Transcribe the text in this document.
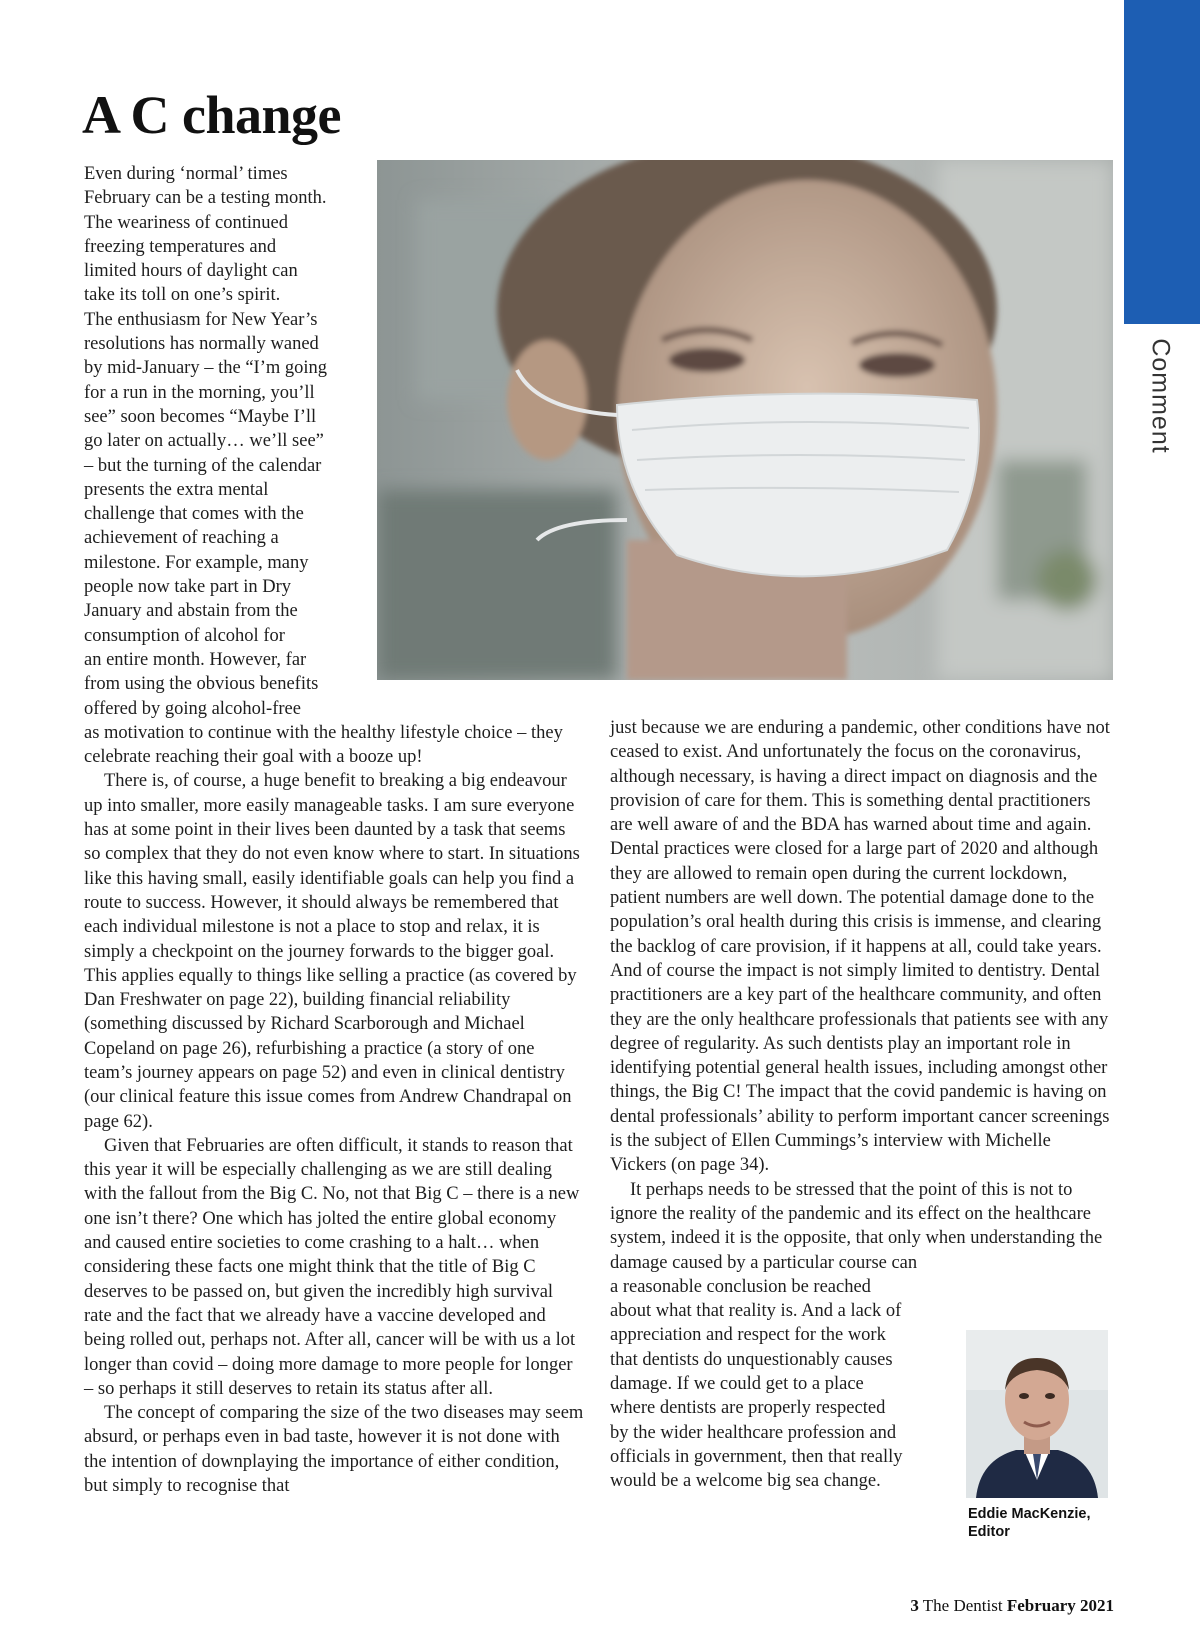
Comment
A C change
Even during ‘normal’ times
February can be a testing month.
The weariness of continued
freezing temperatures and
limited hours of daylight can
take its toll on one’s spirit.
The enthusiasm for New Year’s
resolutions has normally waned
by mid-January – the “I’m going
for a run in the morning, you’ll
see” soon becomes “Maybe I’ll
go later on actually… we’ll see”
– but the turning of the calendar
presents the extra mental
challenge that comes with the
achievement of reaching a
milestone. For example, many
people now take part in Dry
January and abstain from the
consumption of alcohol for
an entire month. However, far
from using the obvious benefits
offered by going alcohol-free

as motivation to continue with the healthy lifestyle choice – they celebrate reaching their goal with a booze up!

There is, of course, a huge benefit to breaking a big endeavour up into smaller, more easily manageable tasks. I am sure everyone has at some point in their lives been daunted by a task that seems so complex that they do not even know where to start. In situations like this having small, easily identifiable goals can help you find a route to success. However, it should always be remembered that each individual milestone is not a place to stop and relax, it is simply a checkpoint on the journey forwards to the bigger goal. This applies equally to things like selling a practice (as covered by Dan Freshwater on page 22), building financial reliability (something discussed by Richard Scarborough and Michael Copeland on page 26), refurbishing a practice (a story of one team’s journey appears on page 52) and even in clinical dentistry (our clinical feature this issue comes from Andrew Chandrapal on page 62).

Given that Februaries are often difficult, it stands to reason that this year it will be especially challenging as we are still dealing with the fallout from the Big C. No, not that Big C – there is a new one isn’t there? One which has jolted the entire global economy and caused entire societies to come crashing to a halt… when considering these facts one might think that the title of Big C deserves to be passed on, but given the incredibly high survival rate and the fact that we already have a vaccine developed and being rolled out, perhaps not. After all, cancer will be with us a lot longer than covid – doing more damage to more people for longer – so perhaps it still deserves to retain its status after all.

The concept of comparing the size of the two diseases may seem absurd, or perhaps even in bad taste, however it is not done with the intention of downplaying the importance of either condition, but simply to recognise that

just because we are enduring a pandemic, other conditions have not ceased to exist. And unfortunately the focus on the coronavirus, although necessary, is having a direct impact on diagnosis and the provision of care for them. This is something dental practitioners are well aware of and the BDA has warned about time and again. Dental practices were closed for a large part of 2020 and although they are allowed to remain open during the current lockdown, patient numbers are well down. The potential damage done to the population’s oral health during this crisis is immense, and clearing the backlog of care provision, if it happens at all, could take years. And of course the impact is not simply limited to dentistry. Dental practitioners are a key part of the healthcare community, and often they are the only healthcare professionals that patients see with any degree of regularity. As such dentists play an important role in identifying potential general health issues, including amongst other things, the Big C! The impact that the covid pandemic is having on dental professionals’ ability to perform important cancer screenings is the subject of Ellen Cummings’s interview with Michelle Vickers (on page 34).

It perhaps needs to be stressed that the point of this is not to ignore the reality of the pandemic and its effect on the healthcare system, indeed it is the opposite, that only when understanding the damage caused by a particular course can

a reasonable conclusion be reached
about what that reality is. And a lack of
appreciation and respect for the work
that dentists do unquestionably causes
damage. If we could get to a place
where dentists are properly respected
by the wider healthcare profession and
officials in government, then that really
would be a welcome big sea change.
Eddie MacKenzie,
Editor
3 The Dentist February 2021
